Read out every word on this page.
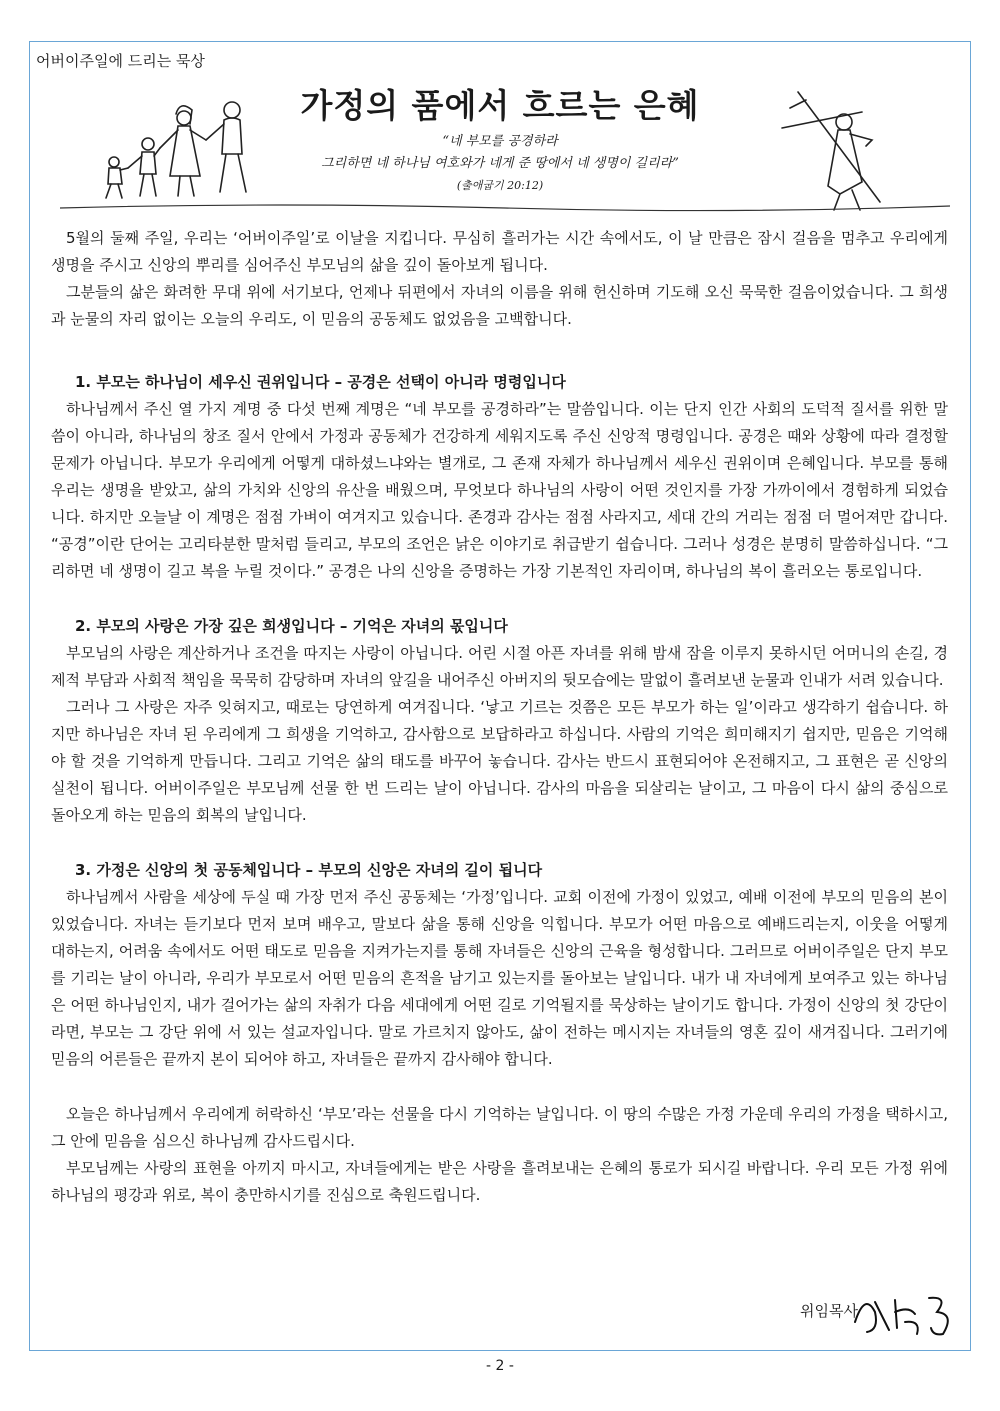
어버이주일에 드리는 묵상
가정의 품에서 흐르는 은혜
“네 부모를 공경하라
그리하면 네 하나님 여호와가 네게 준 땅에서 네 생명이 길리라”
(출애굽기 20:12)

5월의 둘째 주일, 우리는 ‘어버이주일’로 이날을 지킵니다. 무심히 흘러가는 시간 속에서도, 이 날 만큼은 잠시 걸음을 멈추고 우리에게 생명을 주시고 신앙의 뿌리를 심어주신 부모님의 삶을 깊이 돌아보게 됩니다.

그분들의 삶은 화려한 무대 위에 서기보다, 언제나 뒤편에서 자녀의 이름을 위해 헌신하며 기도해 오신 묵묵한 걸음이었습니다. 그 희생과 눈물의 자리 없이는 오늘의 우리도, 이 믿음의 공동체도 없었음을 고백합니다.

1. 부모는 하나님이 세우신 권위입니다 – 공경은 선택이 아니라 명령입니다

하나님께서 주신 열 가지 계명 중 다섯 번째 계명은 “네 부모를 공경하라”는 말씀입니다. 이는 단지 인간 사회의 도덕적 질서를 위한 말씀이 아니라, 하나님의 창조 질서 안에서 가정과 공동체가 건강하게 세워지도록 주신 신앙적 명령입니다. 공경은 때와 상황에 따라 결정할 문제가 아닙니다. 부모가 우리에게 어떻게 대하셨느냐와는 별개로, 그 존재 자체가 하나님께서 세우신 권위이며 은혜입니다. 부모를 통해 우리는 생명을 받았고, 삶의 가치와 신앙의 유산을 배웠으며, 무엇보다 하나님의 사랑이 어떤 것인지를 가장 가까이에서 경험하게 되었습니다. 하지만 오늘날 이 계명은 점점 가벼이 여겨지고 있습니다. 존경과 감사는 점점 사라지고, 세대 간의 거리는 점점 더 멀어져만 갑니다. “공경”이란 단어는 고리타분한 말처럼 들리고, 부모의 조언은 낡은 이야기로 취급받기 쉽습니다. 그러나 성경은 분명히 말씀하십니다. “그리하면 네 생명이 길고 복을 누릴 것이다.” 공경은 나의 신앙을 증명하는 가장 기본적인 자리이며, 하나님의 복이 흘러오는 통로입니다.

2. 부모의 사랑은 가장 깊은 희생입니다 – 기억은 자녀의 몫입니다

부모님의 사랑은 계산하거나 조건을 따지는 사랑이 아닙니다. 어린 시절 아픈 자녀를 위해 밤새 잠을 이루지 못하시던 어머니의 손길, 경제적 부담과 사회적 책임을 묵묵히 감당하며 자녀의 앞길을 내어주신 아버지의 뒷모습에는 말없이 흘려보낸 눈물과 인내가 서려 있습니다.

그러나 그 사랑은 자주 잊혀지고, 때로는 당연하게 여겨집니다. ‘낳고 기르는 것쯤은 모든 부모가 하는 일’이라고 생각하기 쉽습니다. 하지만 하나님은 자녀 된 우리에게 그 희생을 기억하고, 감사함으로 보답하라고 하십니다. 사람의 기억은 희미해지기 쉽지만, 믿음은 기억해야 할 것을 기억하게 만듭니다. 그리고 기억은 삶의 태도를 바꾸어 놓습니다. 감사는 반드시 표현되어야 온전해지고, 그 표현은 곧 신앙의 실천이 됩니다. 어버이주일은 부모님께 선물 한 번 드리는 날이 아닙니다. 감사의 마음을 되살리는 날이고, 그 마음이 다시 삶의 중심으로 돌아오게 하는 믿음의 회복의 날입니다.

3. 가정은 신앙의 첫 공동체입니다 – 부모의 신앙은 자녀의 길이 됩니다

하나님께서 사람을 세상에 두실 때 가장 먼저 주신 공동체는 ‘가정’입니다. 교회 이전에 가정이 있었고, 예배 이전에 부모의 믿음의 본이 있었습니다. 자녀는 듣기보다 먼저 보며 배우고, 말보다 삶을 통해 신앙을 익힙니다. 부모가 어떤 마음으로 예배드리는지, 이웃을 어떻게 대하는지, 어려움 속에서도 어떤 태도로 믿음을 지켜가는지를 통해 자녀들은 신앙의 근육을 형성합니다. 그러므로 어버이주일은 단지 부모를 기리는 날이 아니라, 우리가 부모로서 어떤 믿음의 흔적을 남기고 있는지를 돌아보는 날입니다. 내가 내 자녀에게 보여주고 있는 하나님은 어떤 하나님인지, 내가 걸어가는 삶의 자취가 다음 세대에게 어떤 길로 기억될지를 묵상하는 날이기도 합니다. 가정이 신앙의 첫 강단이라면, 부모는 그 강단 위에 서 있는 설교자입니다. 말로 가르치지 않아도, 삶이 전하는 메시지는 자녀들의 영혼 깊이 새겨집니다. 그러기에 믿음의 어른들은 끝까지 본이 되어야 하고, 자녀들은 끝까지 감사해야 합니다.

오늘은 하나님께서 우리에게 허락하신 ‘부모’라는 선물을 다시 기억하는 날입니다. 이 땅의 수많은 가정 가운데 우리의 가정을 택하시고, 그 안에 믿음을 심으신 하나님께 감사드립시다.

부모님께는 사랑의 표현을 아끼지 마시고, 자녀들에게는 받은 사랑을 흘려보내는 은혜의 통로가 되시길 바랍니다. 우리 모든 가정 위에 하나님의 평강과 위로, 복이 충만하시기를 진심으로 축원드립니다.

위임목사
- 2 -
